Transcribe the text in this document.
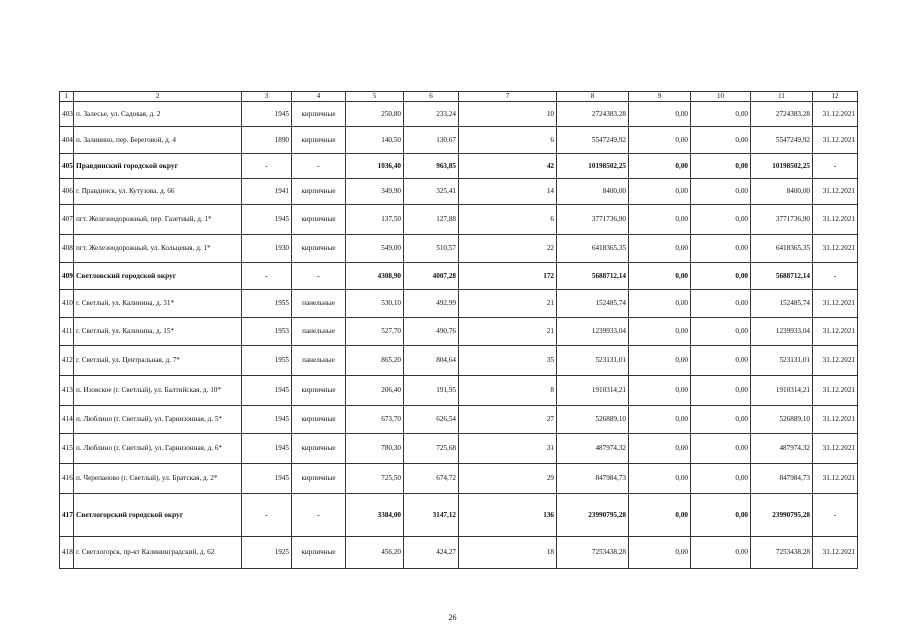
1	2	3	4	5	6	7	8	9	10	11	12
403	п. Залесье, ул. Садовая, д. 2	1945	кирпичные	250,80	233,24	10	2724383,28	0,00	0,00	2724383,28	31.12.2021
404	п. Заливино, пер. Береговой, д. 4	1890	кирпичные	140,50	130,67	6	5547249,92	0,00	0,00	5547249,92	31.12.2021
405	Правдинский городской округ	-	-	1036,40	963,85	42	10198502,25	0,00	0,00	10198502,25	-
406	г. Правдинск, ул. Кутузова, д. 66	1941	кирпичные	349,90	325,41	14	8400,00	0,00	0,00	8400,00	31.12.2021
407	пгт. Железнодорожный, пер. Газетный, д. 1*	1945	кирпичные	137,50	127,88	6	3771736,90	0,00	0,00	3771736,90	31.12.2021
408	пгт. Железнодорожный, ул. Кольцевая, д. 1*	1930	кирпичные	549,00	510,57	22	6418365,35	0,00	0,00	6418365,35	31.12.2021
409	Светловский городской округ	-	-	4308,90	4007,28	172	5688712,14	0,00	0,00	5688712,14	-
410	г. Светлый, ул. Калинина, д. 31*	1955	панельные	530,10	492,99	21	152485,74	0,00	0,00	152485,74	31.12.2021
411	г. Светлый, ул. Калинина, д. 15*	1953	панельные	527,70	490,76	21	1239933,04	0,00	0,00	1239933,04	31.12.2021
412	г. Светлый, ул. Центральная, д. 7*	1955	панельные	865,20	804,64	35	523131,01	0,00	0,00	523131,01	31.12.2021
413	п. Изовское (г. Светлый), ул. Балтийская, д. 10*	1945	кирпичные	206,40	191,95	8	1910314,21	0,00	0,00	1910314,21	31.12.2021
414	п. Люблино (г. Светлый), ул. Гарнизонная, д. 5*	1945	кирпичные	673,70	626,54	27	526889,10	0,00	0,00	526889,10	31.12.2021
415	п. Люблино (г. Светлый), ул. Гарнизонная, д. 6*	1945	кирпичные	780,30	725,68	31	487974,32	0,00	0,00	487974,32	31.12.2021
416	п. Черепаново (г. Светлый), ул. Братская, д. 2*	1945	кирпичные	725,50	674,72	29	847984,73	0,00	0,00	847984,73	31.12.2021
417	Светлогорский городской округ	-	-	3384,00	3147,12	136	23990795,28	0,00	0,00	23990795,28	-
418	г. Светлогорск, пр-кт Калининградский, д. 62	1925	кирпичные	456,20	424,27	18	7253438,28	0,00	0,00	7253438,28	31.12.2021
26
